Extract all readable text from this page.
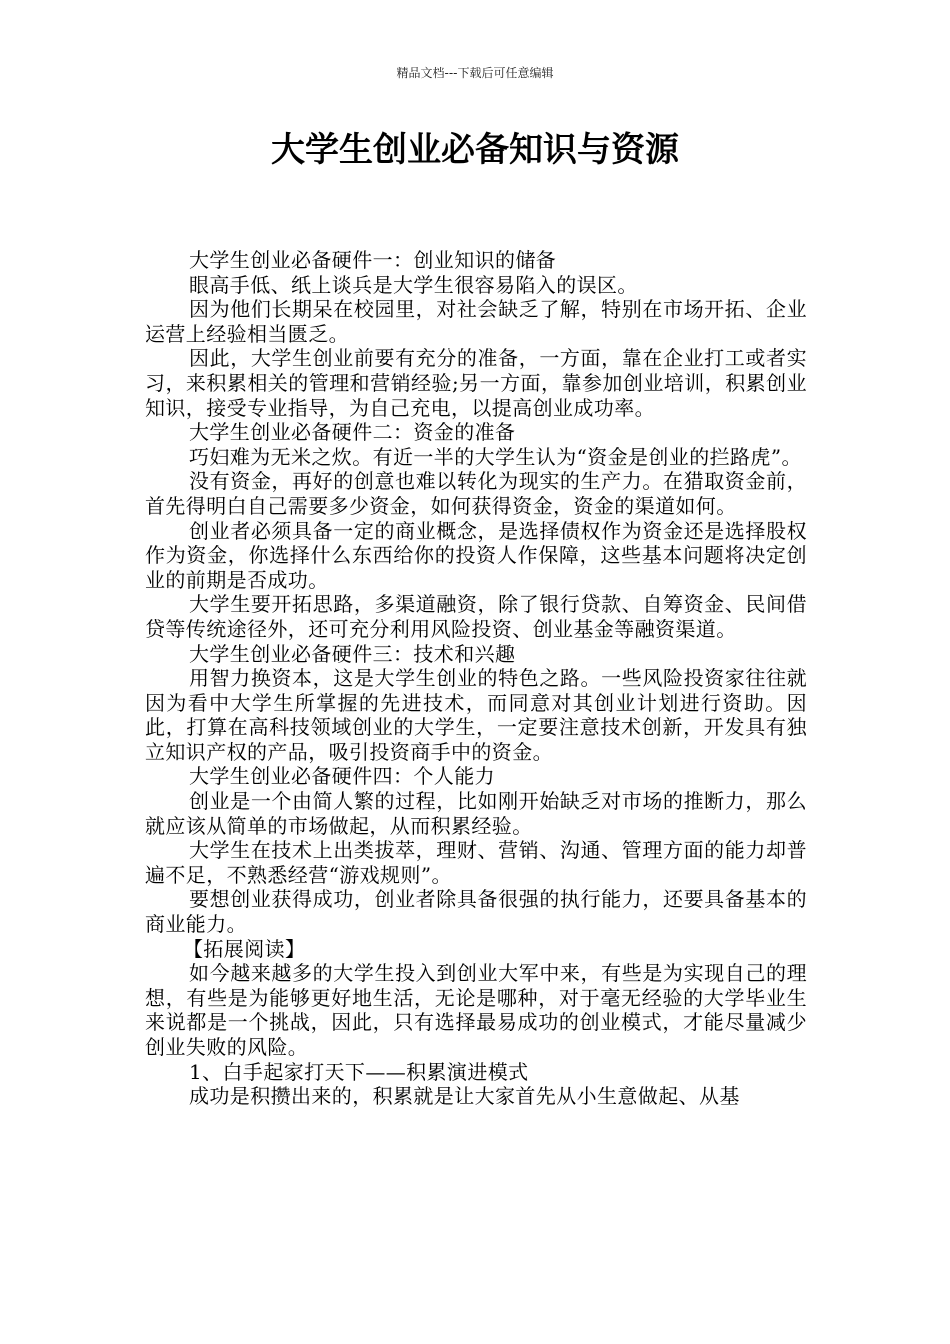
精品文档---下载后可任意编辑
大学生创业必备知识与资源

大学生创业必备硬件一：创业知识的储备

眼高手低、纸上谈兵是大学生很容易陷入的误区。

因为他们长期呆在校园里，对社会缺乏了解，特别在市场开拓、企业运营上经验相当匮乏。

因此，大学生创业前要有充分的准备，一方面，靠在企业打工或者实习，来积累相关的管理和营销经验;另一方面，靠参加创业培训，积累创业知识，接受专业指导，为自己充电，以提高创业成功率。

大学生创业必备硬件二：资金的准备

巧妇难为无米之炊。有近一半的大学生认为“资金是创业的拦路虎”。

没有资金，再好的创意也难以转化为现实的生产力。在猎取资金前，首先得明白自己需要多少资金，如何获得资金，资金的渠道如何。

创业者必须具备一定的商业概念，是选择债权作为资金还是选择股权作为资金，你选择什么东西给你的投资人作保障，这些基本问题将决定创业的前期是否成功。

大学生要开拓思路，多渠道融资，除了银行贷款、自筹资金、民间借贷等传统途径外，还可充分利用风险投资、创业基金等融资渠道。

大学生创业必备硬件三：技术和兴趣

用智力换资本，这是大学生创业的特色之路。一些风险投资家往往就因为看中大学生所掌握的先进技术，而同意对其创业计划进行资助。因此，打算在高科技领域创业的大学生，一定要注意技术创新，开发具有独立知识产权的产品，吸引投资商手中的资金。

大学生创业必备硬件四：个人能力

创业是一个由简人繁的过程，比如刚开始缺乏对市场的推断力，那么就应该从简单的市场做起，从而积累经验。

大学生在技术上出类拔萃，理财、营销、沟通、管理方面的能力却普遍不足，不熟悉经营“游戏规则”。

要想创业获得成功，创业者除具备很强的执行能力，还要具备基本的商业能力。

【拓展阅读】

如今越来越多的大学生投入到创业大军中来，有些是为实现自己的理想，有些是为能够更好地生活，无论是哪种，对于毫无经验的大学毕业生来说都是一个挑战，因此，只有选择最易成功的创业模式，才能尽量减少创业失败的风险。

1、白手起家打天下——积累演进模式

成功是积攒出来的，积累就是让大家首先从小生意做起、从基
